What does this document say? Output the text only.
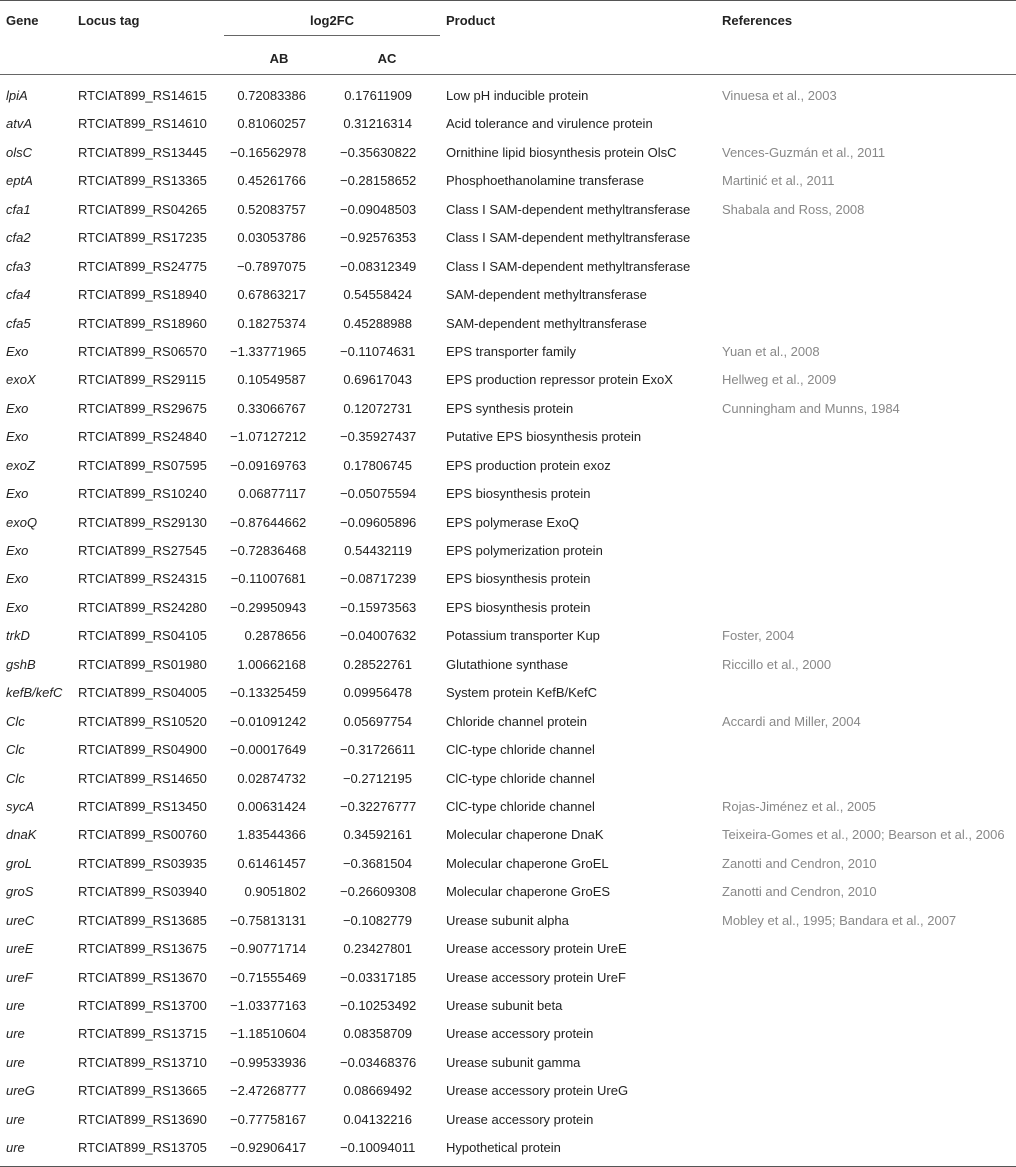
Gene	Locus tag	log2FC		Product	References
		AB	AC		
lpiA	RTCIAT899_RS14615	0.72083386	0.17611909	Low pH inducible protein	Vinuesa et al., 2003
atvA	RTCIAT899_RS14610	0.81060257	0.31216314	Acid tolerance and virulence protein	
olsC	RTCIAT899_RS13445	−0.16562978	−0.35630822	Ornithine lipid biosynthesis protein OlsC	Vences-Guzmán et al., 2011
eptA	RTCIAT899_RS13365	0.45261766	−0.28158652	Phosphoethanolamine transferase	Martinić et al., 2011
cfa1	RTCIAT899_RS04265	0.52083757	−0.09048503	Class I SAM-dependent methyltransferase	Shabala and Ross, 2008
cfa2	RTCIAT899_RS17235	0.03053786	−0.92576353	Class I SAM-dependent methyltransferase	
cfa3	RTCIAT899_RS24775	−0.7897075	−0.08312349	Class I SAM-dependent methyltransferase	
cfa4	RTCIAT899_RS18940	0.67863217	0.54558424	SAM-dependent methyltransferase	
cfa5	RTCIAT899_RS18960	0.18275374	0.45288988	SAM-dependent methyltransferase	
Exo	RTCIAT899_RS06570	−1.33771965	−0.11074631	EPS transporter family	Yuan et al., 2008
exoX	RTCIAT899_RS29115	0.10549587	0.69617043	EPS production repressor protein ExoX	Hellweg et al., 2009
Exo	RTCIAT899_RS29675	0.33066767	0.12072731	EPS synthesis protein	Cunningham and Munns, 1984
Exo	RTCIAT899_RS24840	−1.07127212	−0.35927437	Putative EPS biosynthesis protein	
exoZ	RTCIAT899_RS07595	−0.09169763	0.17806745	EPS production protein exoz	
Exo	RTCIAT899_RS10240	0.06877117	−0.05075594	EPS biosynthesis protein	
exoQ	RTCIAT899_RS29130	−0.87644662	−0.09605896	EPS polymerase ExoQ	
Exo	RTCIAT899_RS27545	−0.72836468	0.54432119	EPS polymerization protein	
Exo	RTCIAT899_RS24315	−0.11007681	−0.08717239	EPS biosynthesis protein	
Exo	RTCIAT899_RS24280	−0.29950943	−0.15973563	EPS biosynthesis protein	
trkD	RTCIAT899_RS04105	0.2878656	−0.04007632	Potassium transporter Kup	Foster, 2004
gshB	RTCIAT899_RS01980	1.00662168	0.28522761	Glutathione synthase	Riccillo et al., 2000
kefB/kefC	RTCIAT899_RS04005	−0.13325459	0.09956478	System protein KefB/KefC	
Clc	RTCIAT899_RS10520	−0.01091242	0.05697754	Chloride channel protein	Accardi and Miller, 2004
Clc	RTCIAT899_RS04900	−0.00017649	−0.31726611	ClC-type chloride channel	
Clc	RTCIAT899_RS14650	0.02874732	−0.2712195	ClC-type chloride channel	
sycA	RTCIAT899_RS13450	0.00631424	−0.32276777	ClC-type chloride channel	Rojas-Jiménez et al., 2005
dnaK	RTCIAT899_RS00760	1.83544366	0.34592161	Molecular chaperone DnaK	Teixeira-Gomes et al., 2000; Bearson et al., 2006
groL	RTCIAT899_RS03935	0.61461457	−0.3681504	Molecular chaperone GroEL	Zanotti and Cendron, 2010
groS	RTCIAT899_RS03940	0.9051802	−0.26609308	Molecular chaperone GroES	Zanotti and Cendron, 2010
ureC	RTCIAT899_RS13685	−0.75813131	−0.1082779	Urease subunit alpha	Mobley et al., 1995; Bandara et al., 2007
ureE	RTCIAT899_RS13675	−0.90771714	0.23427801	Urease accessory protein UreE	
ureF	RTCIAT899_RS13670	−0.71555469	−0.03317185	Urease accessory protein UreF	
ure	RTCIAT899_RS13700	−1.03377163	−0.10253492	Urease subunit beta	
ure	RTCIAT899_RS13715	−1.18510604	0.08358709	Urease accessory protein	
ure	RTCIAT899_RS13710	−0.99533936	−0.03468376	Urease subunit gamma	
ureG	RTCIAT899_RS13665	−2.47268777	0.08669492	Urease accessory protein UreG	
ure	RTCIAT899_RS13690	−0.77758167	0.04132216	Urease accessory protein	
ure	RTCIAT899_RS13705	−0.92906417	−0.10094011	Hypothetical protein	
